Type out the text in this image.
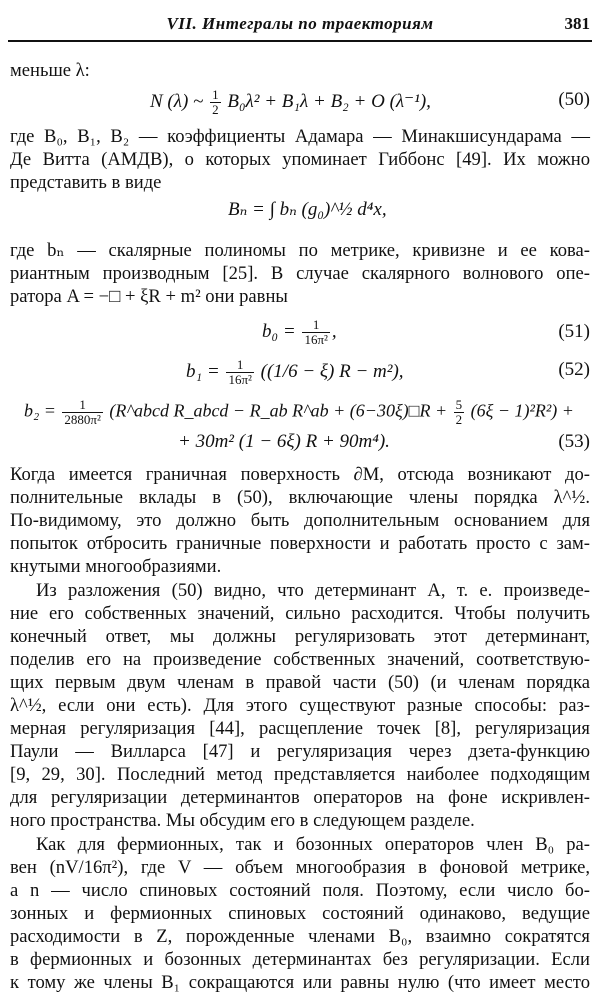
VII. Интегралы по траекториям	381
меньше λ:
N (λ) ~ $\frac{1}{2} B_0\lambda^2 + B_1\lambda + B_2 + O$ (λ⁻¹),	(50)
где B₀, B₁, B₂ — коэффициенты Адамара — Минакшисундарама —
Де Витта (АМДВ), о которых упоминает Гиббонс [49]. Их можно
представить в виде
Bₙ = ∫ bₙ (g₀)^½ d⁴x,
где bₙ — скалярные полиномы по метрике, кривизне и ее кова-
риантным производным [25]. В случае скалярного волнового опе-
ратора A = −□ + ξR + m² они равны
$b_0 = \frac{1}{\text{16π²}}$ ,	(51)
$b_1 = \frac{1}{\text{16π²}} ((1/6 - \xi) R - m^2)$,	(52)
$b_2 = \frac{1}{\text{2880π²}}$ (R^abcd R_abcd − R_ab R^ab + (6−30ξ)□R + $\frac{5}{2} (6\xi - 1)^2R^2$) +
+ 30m² (1 − 6ξ) R + 90m⁴).	(53)
Когда имеется граничная поверхность ∂M, отсюда возникают до-
полнительные вклады в (50), включающие члены порядка λ^½.
По-видимому, это должно быть дополнительным основанием для
попыток отбросить граничные поверхности и работать просто с зам-
кнутыми многообразиями.
Из разложения (50) видно, что детерминант A, т. е. произведе-
ние его собственных значений, сильно расходится. Чтобы получить
конечный ответ, мы должны регуляризовать этот детерминант,
поделив его на произведение собственных значений, соответствую-
щих первым двум членам в правой части (50) (и членам порядка
λ^½, если они есть). Для этого существуют разные способы: раз-
мерная регуляризация [44], расщепление точек [8], регуляризация
Паули — Вилларса [47] и регуляризация через дзета-функцию
[9, 29, 30]. Последний метод представляется наиболее подходящим
для регуляризации детерминантов операторов на фоне искривлен-
ного пространства. Мы обсудим его в следующем разделе.
Как для фермионных, так и бозонных операторов член B₀ ра-
вен (nV/16π²), где V — объем многообразия в фоновой метрике,
а n — число спиновых состояний поля. Поэтому, если число бо-
зонных и фермионных спиновых состояний одинаково, ведущие
расходимости в Z, порожденные членами B₀, взаимно сократятся
в фермионных и бозонных детерминантах без регуляризации. Если
к тому же члены B₁ сокращаются или равны нулю (что имеет место
